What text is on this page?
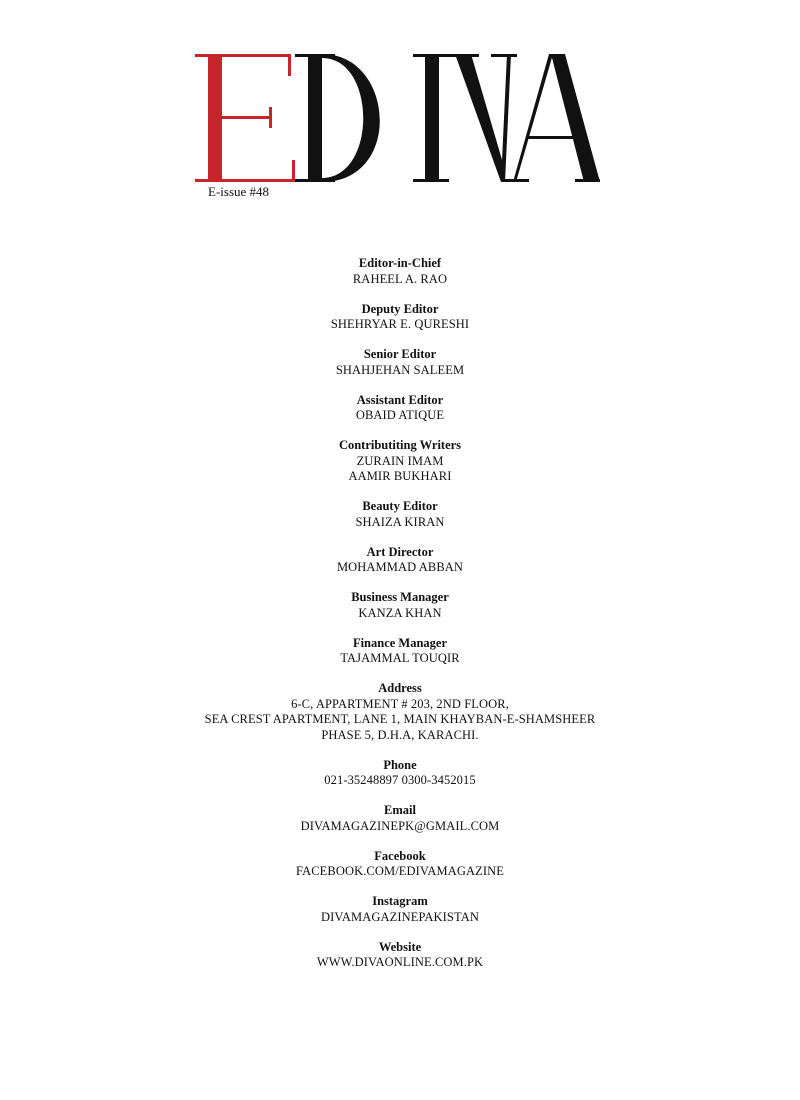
E-issue #48
Editor-in-Chief
RAHEEL A. RAO
Deputy Editor
SHEHRYAR E. QURESHI
Senior Editor
SHAHJEHAN SALEEM
Assistant Editor
OBAID ATIQUE
Contributiting Writers
ZURAIN IMAM
AAMIR BUKHARI
Beauty Editor
SHAIZA KIRAN
Art Director
MOHAMMAD ABBAN
Business Manager
KANZA KHAN
Finance Manager
TAJAMMAL TOUQIR
Address
6-C, APPARTMENT # 203, 2ND FLOOR,
SEA CREST APARTMENT, LANE 1, MAIN KHAYBAN-E-SHAMSHEER
PHASE 5, D.H.A, KARACHI.
Phone
021-35248897 0300-3452015
Email
DIVAMAGAZINEPK@GMAIL.COM
Facebook
FACEBOOK.COM/EDIVAMAGAZINE
Instagram
DIVAMAGAZINEPAKISTAN
Website
WWW.DIVAONLINE.COM.PK
